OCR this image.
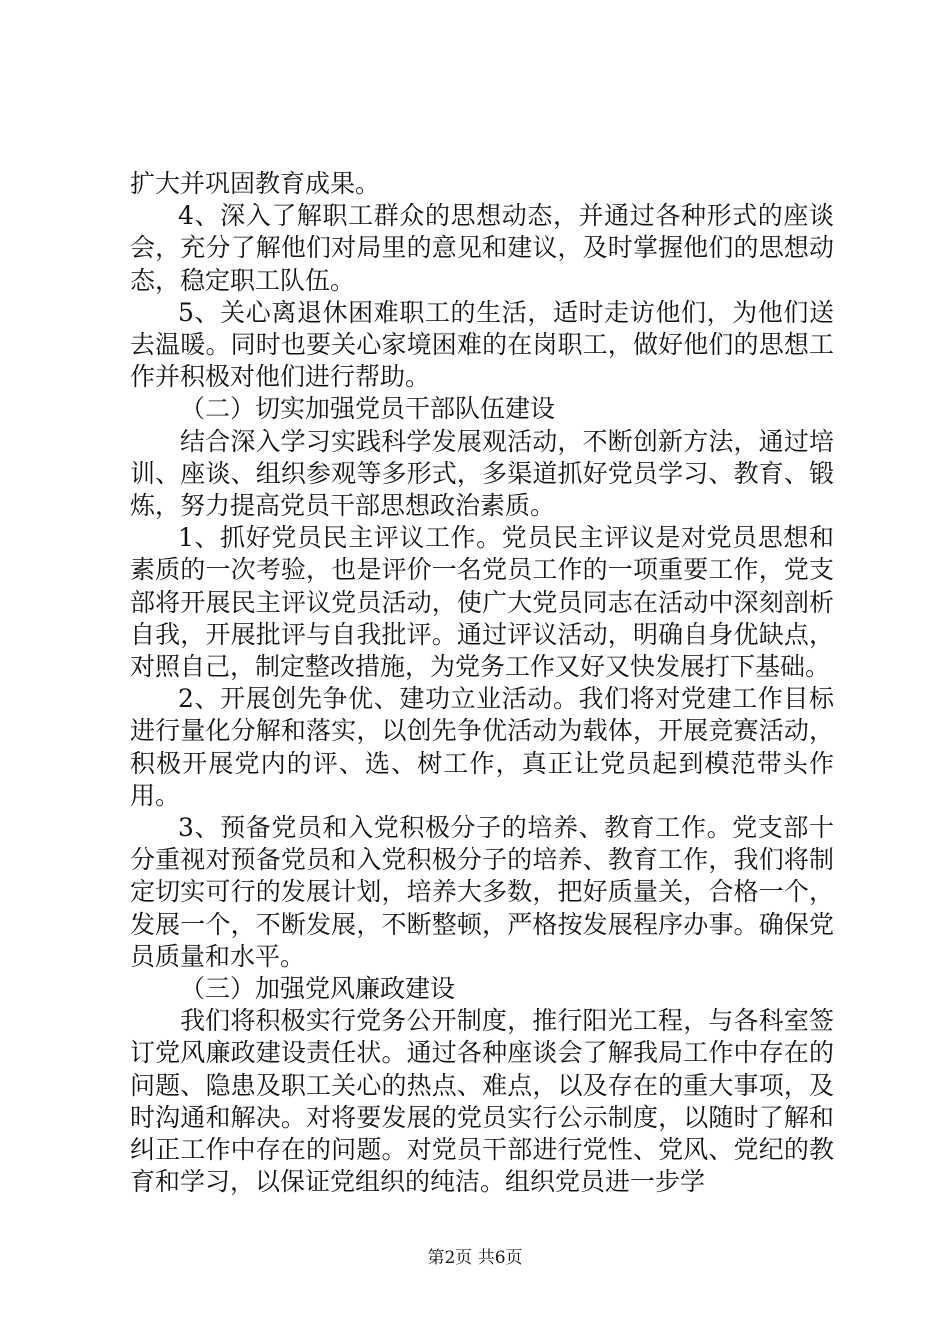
扩大并巩固教育成果。

4、深入了解职工群众的思想动态，并通过各种形式的座谈会，充分了解他们对局里的意见和建议，及时掌握他们的思想动态，稳定职工队伍。

5、关心离退休困难职工的生活，适时走访他们，为他们送去温暖。同时也要关心家境困难的在岗职工，做好他们的思想工作并积极对他们进行帮助。

（二）切实加强党员干部队伍建设

结合深入学习实践科学发展观活动，不断创新方法，通过培训、座谈、组织参观等多形式，多渠道抓好党员学习、教育、锻炼，努力提高党员干部思想政治素质。

1、抓好党员民主评议工作。党员民主评议是对党员思想和素质的一次考验，也是评价一名党员工作的一项重要工作，党支部将开展民主评议党员活动，使广大党员同志在活动中深刻剖析自我，开展批评与自我批评。通过评议活动，明确自身优缺点，对照自己，制定整改措施，为党务工作又好又快发展打下基础。

2、开展创先争优、建功立业活动。我们将对党建工作目标进行量化分解和落实，以创先争优活动为载体，开展竞赛活动，积极开展党内的评、选、树工作，真正让党员起到模范带头作用。

3、预备党员和入党积极分子的培养、教育工作。党支部十分重视对预备党员和入党积极分子的培养、教育工作，我们将制定切实可行的发展计划，培养大多数，把好质量关，合格一个，发展一个，不断发展，不断整顿，严格按发展程序办事。确保党员质量和水平。

（三）加强党风廉政建设

我们将积极实行党务公开制度，推行阳光工程，与各科室签订党风廉政建设责任状。通过各种座谈会了解我局工作中存在的问题、隐患及职工关心的热点、难点，以及存在的重大事项，及时沟通和解决。对将要发展的党员实行公示制度，以随时了解和纠正工作中存在的问题。对党员干部进行党性、党风、党纪的教育和学习，以保证党组织的纯洁。组织党员进一步学

第2页 共6页
